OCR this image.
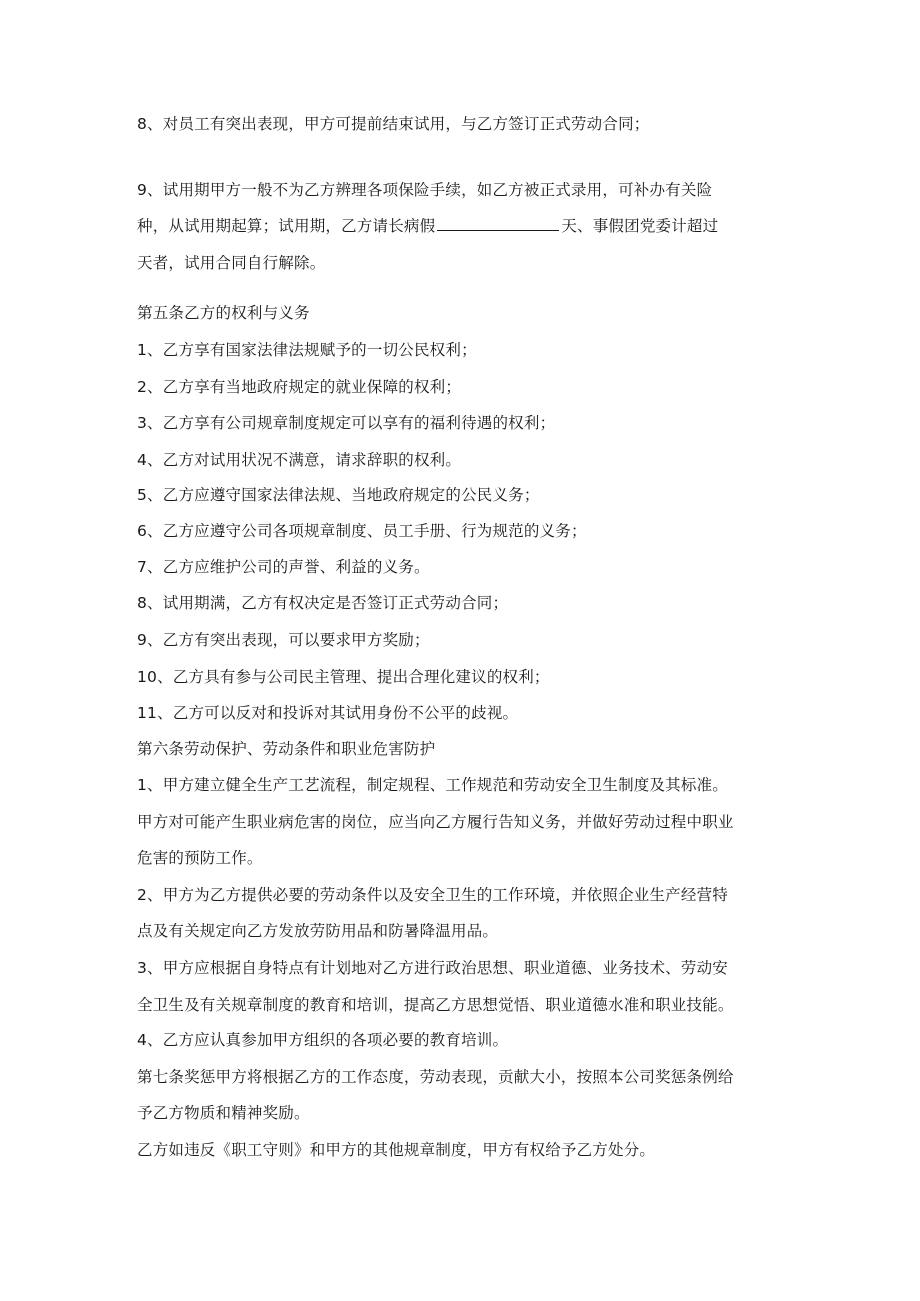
8、对员工有突出表现，甲方可提前结束试用，与乙方签订正式劳动合同；
9、试用期甲方一般不为乙方辨理各项保险手续，如乙方被正式录用，可补办有关险
种，从试用期起算；试用期，乙方请长病假	天、事假团党委计超过
天者，试用合同自行解除。
第五条乙方的权利与义务
1、乙方享有国家法律法规赋予的一切公民权利；
2、乙方享有当地政府规定的就业保障的权利；
3、乙方享有公司规章制度规定可以享有的福利待遇的权利；
4、乙方对试用状况不满意，请求辞职的权利。
5、乙方应遵守国家法律法规、当地政府规定的公民义务；
6、乙方应遵守公司各项规章制度、员工手册、行为规范的义务；
7、乙方应维护公司的声誉、利益的义务。
8、试用期满，乙方有权决定是否签订正式劳动合同；
9、乙方有突出表现，可以要求甲方奖励；
10、乙方具有参与公司民主管理、提出合理化建议的权利；
11、乙方可以反对和投诉对其试用身份不公平的歧视。
第六条劳动保护、劳动条件和职业危害防护
1、甲方建立健全生产工艺流程，制定规程、工作规范和劳动安全卫生制度及其标准。
甲方对可能产生职业病危害的岗位，应当向乙方履行告知义务，并做好劳动过程中职业
危害的预防工作。
2、甲方为乙方提供必要的劳动条件以及安全卫生的工作环境，并依照企业生产经营特
点及有关规定向乙方发放劳防用品和防暑降温用品。
3、甲方应根据自身特点有计划地对乙方进行政治思想、职业道德、业务技术、劳动安
全卫生及有关规章制度的教育和培训，提高乙方思想觉悟、职业道德水准和职业技能。
4、乙方应认真参加甲方组织的各项必要的教育培训。
第七条奖惩甲方将根据乙方的工作态度，劳动表现，贡献大小，按照本公司奖惩条例给
予乙方物质和精神奖励。
乙方如违反《职工守则》和甲方的其他规章制度，甲方有权给予乙方处分。
